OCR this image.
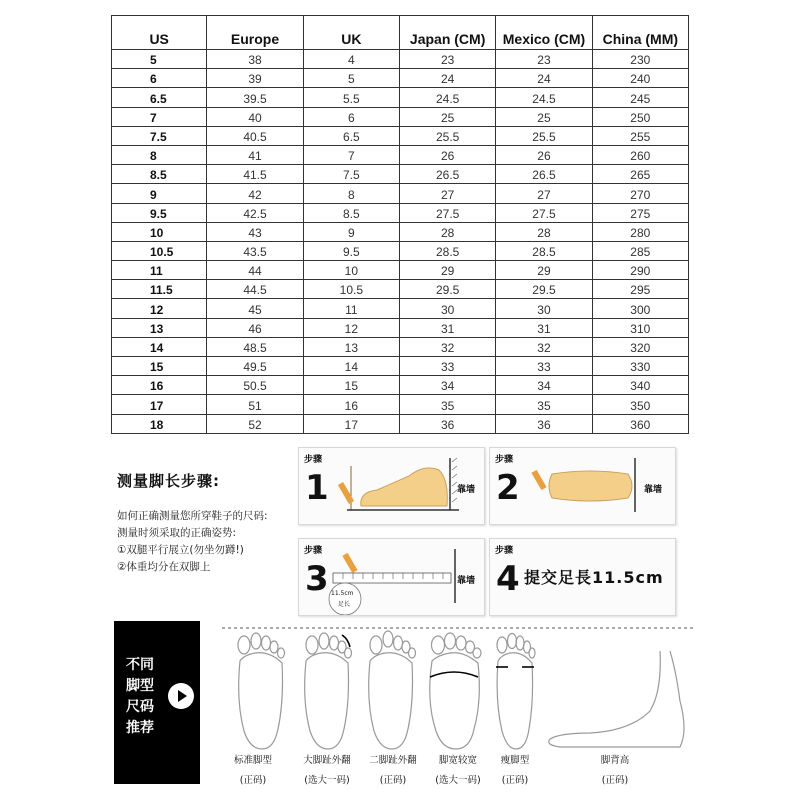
US	Europe	UK	Japan (CM)	Mexico (CM)	China (MM)
5	38	4	23	23	230
6	39	5	24	24	240
6.5	39.5	5.5	24.5	24.5	245
7	40	6	25	25	250
7.5	40.5	6.5	25.5	25.5	255
8	41	7	26	26	260
8.5	41.5	7.5	26.5	26.5	265
9	42	8	27	27	270
9.5	42.5	8.5	27.5	27.5	275
10	43	9	28	28	280
10.5	43.5	9.5	28.5	28.5	285
11	44	10	29	29	290
11.5	44.5	10.5	29.5	29.5	295
12	45	11	30	30	300
13	46	12	31	31	310
14	48.5	13	32	32	320
15	49.5	14	33	33	330
16	50.5	15	34	34	340
17	51	16	35	35	350
18	52	17	36	36	360
测量脚长步骤:
如何正确测量您所穿鞋子的尺码:
测量时须采取的正确姿势:
①双腿平行展立(勿坐勿蹲!)
②体重均分在双脚上
步骤
1	靠墙
步骤
2	靠墙
步骤
3	靠墙
11.5cm
足长
步骤
4 提交足長11.5cm
不同脚型尺码推荐
标准脚型
(正码)
大脚趾外翻
(选大一码)
二脚趾外翻
(正码)
脚宽较宽
(选大一码)
瘦脚型
(正码)
脚背高
(正码)
